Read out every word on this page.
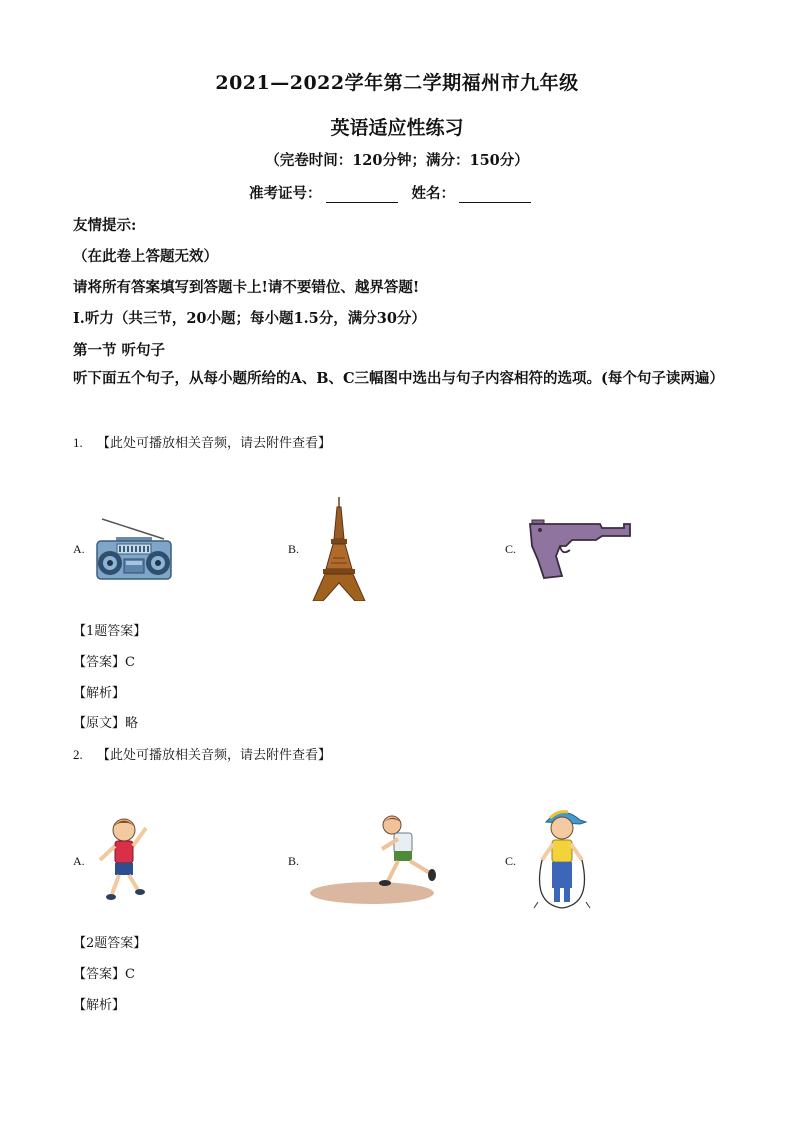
2021—2022学年第二学期福州市九年级
英语适应性练习
（完卷时间：120分钟；满分：150分）
准考证号：	姓名：
友情提示:
（在此卷上答题无效）
请将所有答案填写到答题卡上!请不要错位、越界答题!
I.听力（共三节，20小题；每小题1.5分，满分30分）
第一节 听句子
听下面五个句子，从每小题所给的A、B、C三幅图中选出与句子内容相符的选项。(每个句子读两遍）
1. 【此处可播放相关音频，请去附件查看】
A.	B.	C.
【1题答案】
【答案】C
【解析】
【原文】略
2. 【此处可播放相关音频，请去附件查看】
A.	B.	C.
【2题答案】
【答案】C
【解析】
